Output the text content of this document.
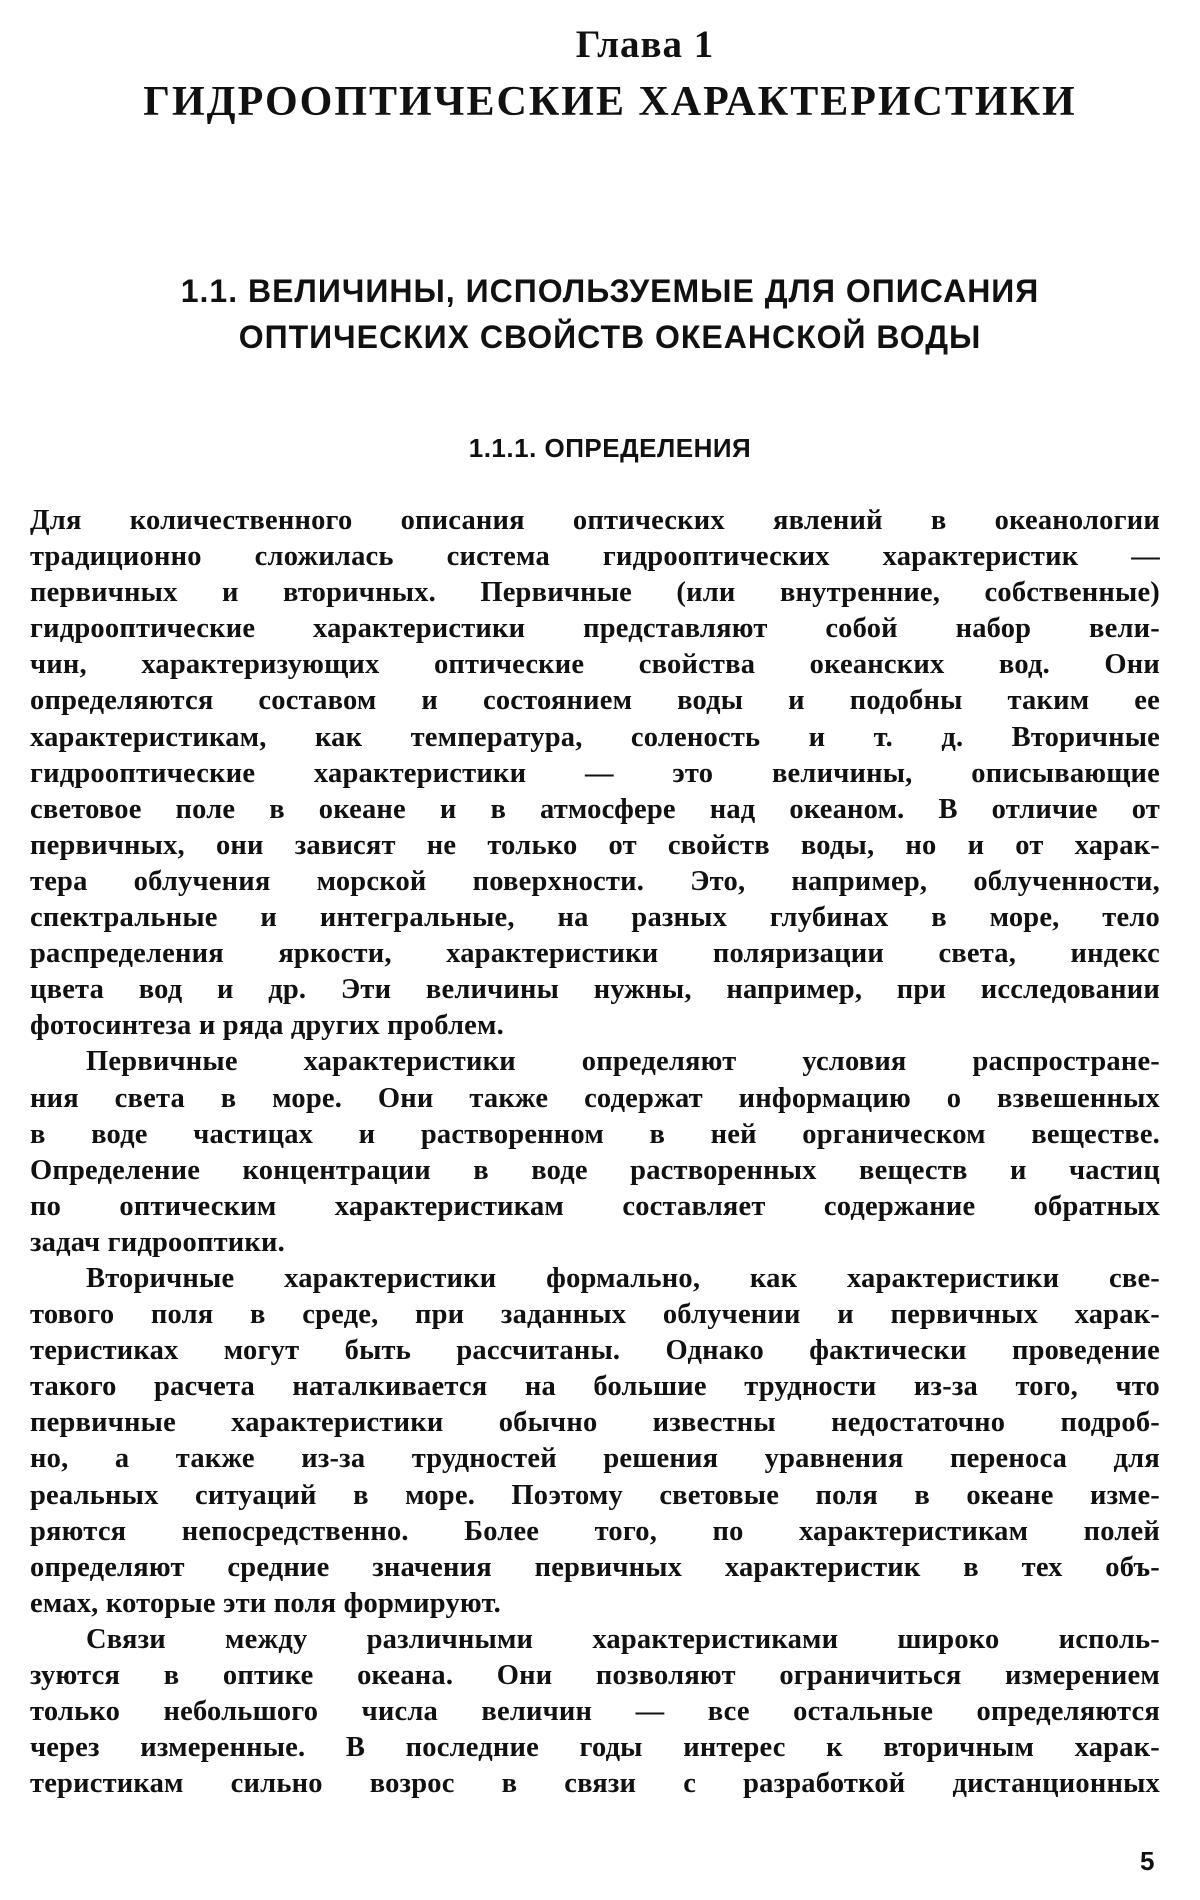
Глава 1
ГИДРООПТИЧЕСКИЕ ХАРАКТЕРИСТИКИ
1.1. ВЕЛИЧИНЫ, ИСПОЛЬЗУЕМЫЕ ДЛЯ ОПИСАНИЯ
ОПТИЧЕСКИХ СВОЙСТВ ОКЕАНСКОЙ ВОДЫ
1.1.1. ОПРЕДЕЛЕНИЯ
Для количественного описания оптических явлений в океанологии
традиционно сложилась система гидрооптических характеристик —
первичных и вторичных. Первичные (или внутренние, собственные)
гидрооптические характеристики представляют собой набор вели-
чин, характеризующих оптические свойства океанских вод. Они
определяются составом и состоянием воды и подобны таким ее
характеристикам, как температура, соленость и т. д. Вторичные
гидрооптические характеристики — это величины, описывающие
световое поле в океане и в атмосфере над океаном. В отличие от
первичных, они зависят не только от свойств воды, но и от харак-
тера облучения морской поверхности. Это, например, облученности,
спектральные и интегральные, на разных глубинах в море, тело
распределения яркости, характеристики поляризации света, индекс
цвета вод и др. Эти величины нужны, например, при исследовании
фотосинтеза и ряда других проблем.
Первичные характеристики определяют условия распростране-
ния света в море. Они также содержат информацию о взвешенных
в воде частицах и растворенном в ней органическом веществе.
Определение концентрации в воде растворенных веществ и частиц
по оптическим характеристикам составляет содержание обратных
задач гидрооптики.
Вторичные характеристики формально, как характеристики све-
тового поля в среде, при заданных облучении и первичных харак-
теристиках могут быть рассчитаны. Однако фактически проведение
такого расчета наталкивается на большие трудности из-за того, что
первичные характеристики обычно известны недостаточно подроб-
но, а также из-за трудностей решения уравнения переноса для
реальных ситуаций в море. Поэтому световые поля в океане изме-
ряются непосредственно. Более того, по характеристикам полей
определяют средние значения первичных характеристик в тех объ-
емах, которые эти поля формируют.
Связи между различными характеристиками широко исполь-
зуются в оптике океана. Они позволяют ограничиться измерением
только небольшого числа величин — все остальные определяются
через измеренные. В последние годы интерес к вторичным харак-
теристикам сильно возрос в связи с разработкой дистанционных
5
